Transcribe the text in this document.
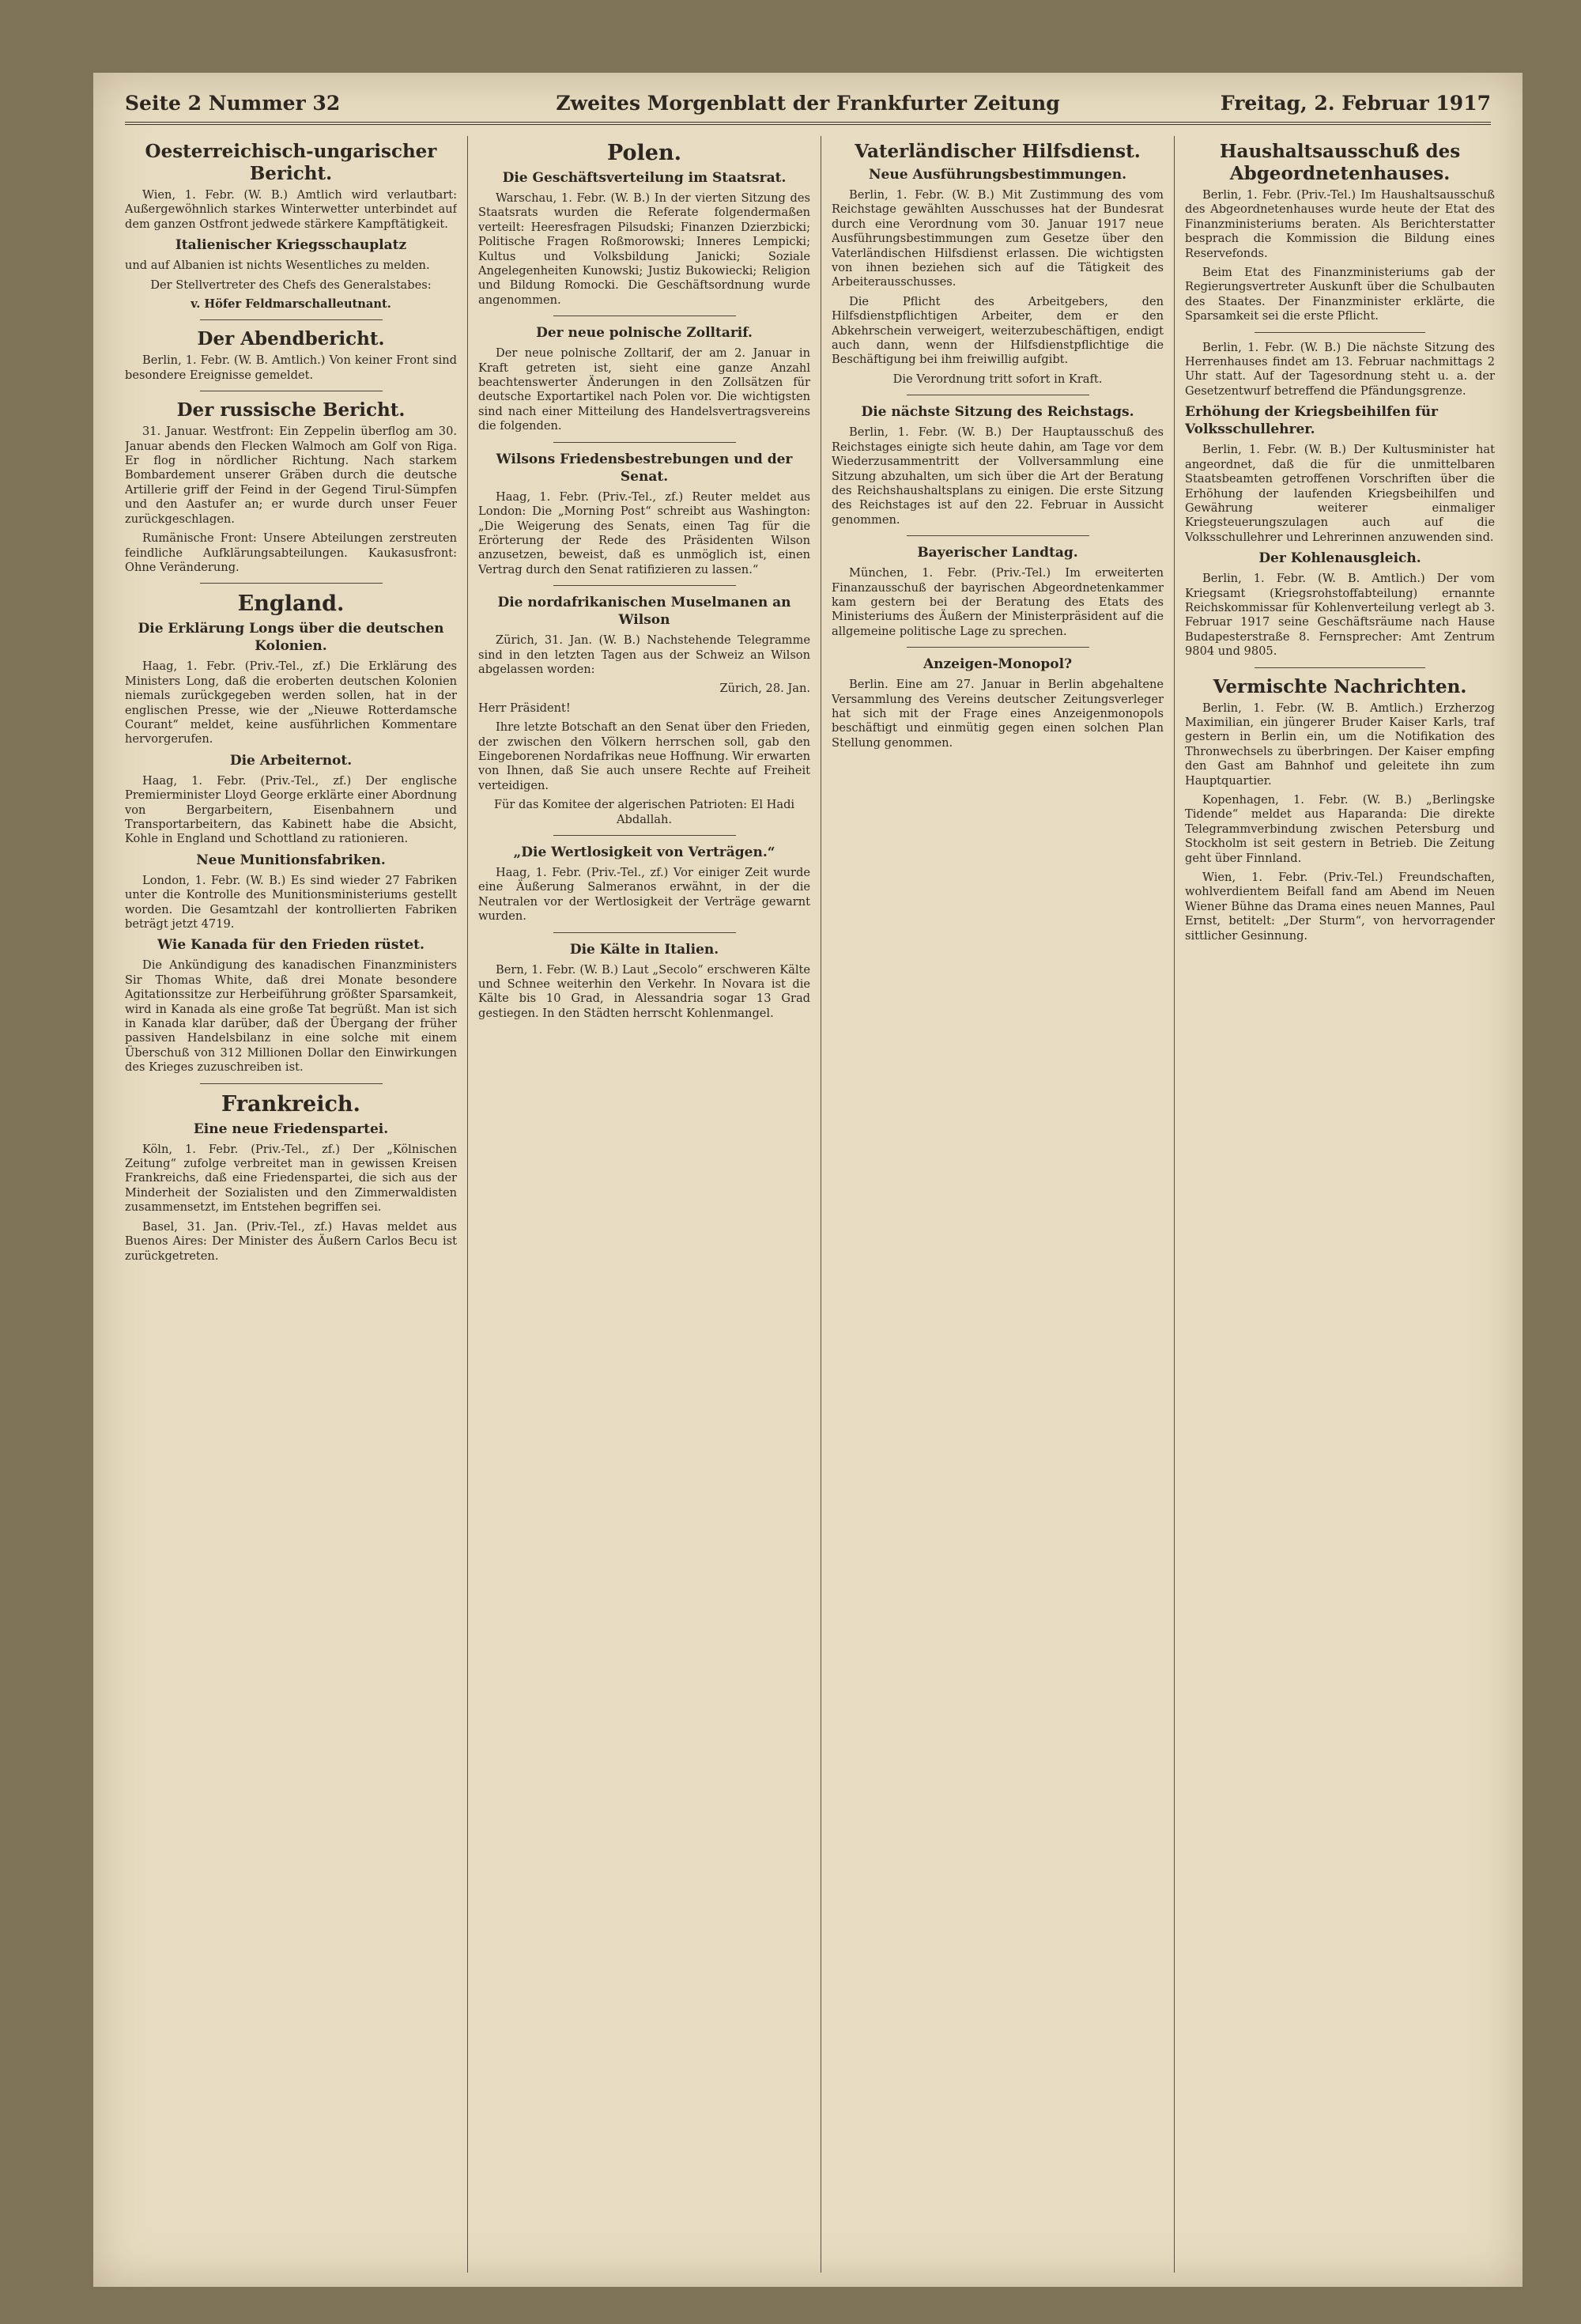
Seite 2 Nummer 32	Zweites Morgenblatt der Frankfurter Zeitung	Freitag, 2. Februar 1917
Oesterreichisch-ungarischer Bericht.

Wien, 1. Febr. (W. B.) Amtlich wird verlautbart: Außergewöhnlich starkes Winterwetter unterbindet auf dem ganzen Ostfront jedwede stärkere Kampftätigkeit.

Italienischer Kriegsschauplatz

und auf Albanien ist nichts Wesentliches zu melden.

Der Stellvertreter des Chefs des Generalstabes:

v. Höfer Feldmarschalleutnant.

Der Abendbericht.

Berlin, 1. Febr. (W. B. Amtlich.) Von keiner Front sind besondere Ereignisse gemeldet.

Der russische Bericht.

31. Januar. Westfront: Ein Zeppelin überflog am 30. Januar abends den Flecken Walmoch am Golf von Riga. Er flog in nördlicher Richtung. Nach starkem Bombardement unserer Gräben durch die deutsche Artillerie griff der Feind in der Gegend Tirul-Sümpfen und den Aastufer an; er wurde durch unser Feuer zurückgeschlagen.

Rumänische Front: Unsere Abteilungen zerstreuten feindliche Aufklärungsabteilungen. Kaukasusfront: Ohne Veränderung.

England.
Die Erklärung Longs über die deutschen Kolonien.

Haag, 1. Febr. (Priv.-Tel., zf.) Die Erklärung des Ministers Long, daß die eroberten deutschen Kolonien niemals zurückgegeben werden sollen, hat in der englischen Presse, wie der „Nieuwe Rotterdamsche Courant“ meldet, keine ausführlichen Kommentare hervorgerufen.

Die Arbeiternot.

Haag, 1. Febr. (Priv.-Tel., zf.) Der englische Premierminister Lloyd George erklärte einer Abordnung von Bergarbeitern, Eisenbahnern und Transportarbeitern, das Kabinett habe die Absicht, Kohle in England und Schottland zu rationieren.

Neue Munitionsfabriken.

London, 1. Febr. (W. B.) Es sind wieder 27 Fabriken unter die Kontrolle des Munitionsministeriums gestellt worden. Die Gesamtzahl der kontrollierten Fabriken beträgt jetzt 4719.

Wie Kanada für den Frieden rüstet.

Die Ankündigung des kanadischen Finanzministers Sir Thomas White, daß drei Monate besondere Agitationssitze zur Herbeiführung größter Sparsamkeit, wird in Kanada als eine große Tat begrüßt. Man ist sich in Kanada klar darüber, daß der Übergang der früher passiven Handelsbilanz in eine solche mit einem Überschuß von 312 Millionen Dollar den Einwirkungen des Krieges zuzuschreiben ist.

Frankreich.
Eine neue Friedenspartei.

Köln, 1. Febr. (Priv.-Tel., zf.) Der „Kölnischen Zeitung“ zufolge verbreitet man in gewissen Kreisen Frankreichs, daß eine Friedenspartei, die sich aus der Minderheit der Sozialisten und den Zimmerwaldisten zusammensetzt, im Entstehen begriffen sei.

Basel, 31. Jan. (Priv.-Tel., zf.) Havas meldet aus Buenos Aires: Der Minister des Äußern Carlos Becu ist zurückgetreten.

Polen.
Die Geschäftsverteilung im Staatsrat.

Warschau, 1. Febr. (W. B.) In der vierten Sitzung des Staatsrats wurden die Referate folgendermaßen verteilt: Heeresfragen Pilsudski; Finanzen Dzierzbicki; Politische Fragen Roßmorowski; Inneres Lempicki; Kultus und Volksbildung Janicki; Soziale Angelegenheiten Kunowski; Justiz Bukowiecki; Religion und Bildung Romocki. Die Geschäftsordnung wurde angenommen.

Der neue polnische Zolltarif.

Der neue polnische Zolltarif, der am 2. Januar in Kraft getreten ist, sieht eine ganze Anzahl beachtenswerter Änderungen in den Zollsätzen für deutsche Exportartikel nach Polen vor. Die wichtigsten sind nach einer Mitteilung des Handelsvertragsvereins die folgenden.

Wilsons Friedensbestrebungen und der Senat.

Haag, 1. Febr. (Priv.-Tel., zf.) Reuter meldet aus London: Die „Morning Post“ schreibt aus Washington: „Die Weigerung des Senats, einen Tag für die Erörterung der Rede des Präsidenten Wilson anzusetzen, beweist, daß es unmöglich ist, einen Vertrag durch den Senat ratifizieren zu lassen.“

Die nordafrikanischen Muselmanen an Wilson

Zürich, 31. Jan. (W. B.) Nachstehende Telegramme sind in den letzten Tagen aus der Schweiz an Wilson abgelassen worden:

Zürich, 28. Jan.

Herr Präsident!

Ihre letzte Botschaft an den Senat über den Frieden, der zwischen den Völkern herrschen soll, gab den Eingeborenen Nordafrikas neue Hoffnung. Wir erwarten von Ihnen, daß Sie auch unsere Rechte auf Freiheit verteidigen.

Für das Komitee der algerischen Patrioten: El Hadi Abdallah.

„Die Wertlosigkeit von Verträgen.“

Haag, 1. Febr. (Priv.-Tel., zf.) Vor einiger Zeit wurde eine Äußerung Salmeranos erwähnt, in der die Neutralen vor der Wertlosigkeit der Verträge gewarnt wurden.

Die Kälte in Italien.

Bern, 1. Febr. (W. B.) Laut „Secolo“ erschweren Kälte und Schnee weiterhin den Verkehr. In Novara ist die Kälte bis 10 Grad, in Alessandria sogar 13 Grad gestiegen. In den Städten herrscht Kohlenmangel.

Vaterländischer Hilfsdienst.
Neue Ausführungsbestimmungen.

Berlin, 1. Febr. (W. B.) Mit Zustimmung des vom Reichstage gewählten Ausschusses hat der Bundesrat durch eine Verordnung vom 30. Januar 1917 neue Ausführungsbestimmungen zum Gesetze über den Vaterländischen Hilfsdienst erlassen. Die wichtigsten von ihnen beziehen sich auf die Tätigkeit des Arbeiterausschusses.

Die Pflicht des Arbeitgebers, den Hilfsdienstpflichtigen Arbeiter, dem er den Abkehrschein verweigert, weiterzubeschäftigen, endigt auch dann, wenn der Hilfsdienstpflichtige die Beschäftigung bei ihm freiwillig aufgibt.

Die Verordnung tritt sofort in Kraft.

Die nächste Sitzung des Reichstags.

Berlin, 1. Febr. (W. B.) Der Hauptausschuß des Reichstages einigte sich heute dahin, am Tage vor dem Wiederzusammentritt der Vollversammlung eine Sitzung abzuhalten, um sich über die Art der Beratung des Reichshaushaltsplans zu einigen. Die erste Sitzung des Reichstages ist auf den 22. Februar in Aussicht genommen.

Bayerischer Landtag.

München, 1. Febr. (Priv.-Tel.) Im erweiterten Finanzausschuß der bayrischen Abgeordnetenkammer kam gestern bei der Beratung des Etats des Ministeriums des Äußern der Ministerpräsident auf die allgemeine politische Lage zu sprechen.

Anzeigen-Monopol?

Berlin. Eine am 27. Januar in Berlin abgehaltene Versammlung des Vereins deutscher Zeitungsverleger hat sich mit der Frage eines Anzeigenmonopols beschäftigt und einmütig gegen einen solchen Plan Stellung genommen.

Haushaltsausschuß des Abgeordnetenhauses.

Berlin, 1. Febr. (Priv.-Tel.) Im Haushaltsausschuß des Abgeordnetenhauses wurde heute der Etat des Finanzministeriums beraten. Als Berichterstatter besprach die Kommission die Bildung eines Reservefonds.

Beim Etat des Finanzministeriums gab der Regierungsvertreter Auskunft über die Schulbauten des Staates. Der Finanzminister erklärte, die Sparsamkeit sei die erste Pflicht.

Berlin, 1. Febr. (W. B.) Die nächste Sitzung des Herrenhauses findet am 13. Februar nachmittags 2 Uhr statt. Auf der Tagesordnung steht u. a. der Gesetzentwurf betreffend die Pfändungsgrenze.

Erhöhung der Kriegsbeihilfen für Volksschullehrer.

Berlin, 1. Febr. (W. B.) Der Kultusminister hat angeordnet, daß die für die unmittelbaren Staatsbeamten getroffenen Vorschriften über die Erhöhung der laufenden Kriegsbeihilfen und Gewährung weiterer einmaliger Kriegsteuerungszulagen auch auf die Volksschullehrer und Lehrerinnen anzuwenden sind.

Der Kohlenausgleich.

Berlin, 1. Febr. (W. B. Amtlich.) Der vom Kriegsamt (Kriegsrohstoffabteilung) ernannte Reichskommissar für Kohlenverteilung verlegt ab 3. Februar 1917 seine Geschäftsräume nach Hause Budapesterstraße 8. Fernsprecher: Amt Zentrum 9804 und 9805.

Vermischte Nachrichten.

Berlin, 1. Febr. (W. B. Amtlich.) Erzherzog Maximilian, ein jüngerer Bruder Kaiser Karls, traf gestern in Berlin ein, um die Notifikation des Thronwechsels zu überbringen. Der Kaiser empfing den Gast am Bahnhof und geleitete ihn zum Hauptquartier.

Kopenhagen, 1. Febr. (W. B.) „Berlingske Tidende“ meldet aus Haparanda: Die direkte Telegrammverbindung zwischen Petersburg und Stockholm ist seit gestern in Betrieb. Die Zeitung geht über Finnland.

Wien, 1. Febr. (Priv.-Tel.) Freundschaften, wohlverdientem Beifall fand am Abend im Neuen Wiener Bühne das Drama eines neuen Mannes, Paul Ernst, betitelt: „Der Sturm“, von hervorragender sittlicher Gesinnung.
